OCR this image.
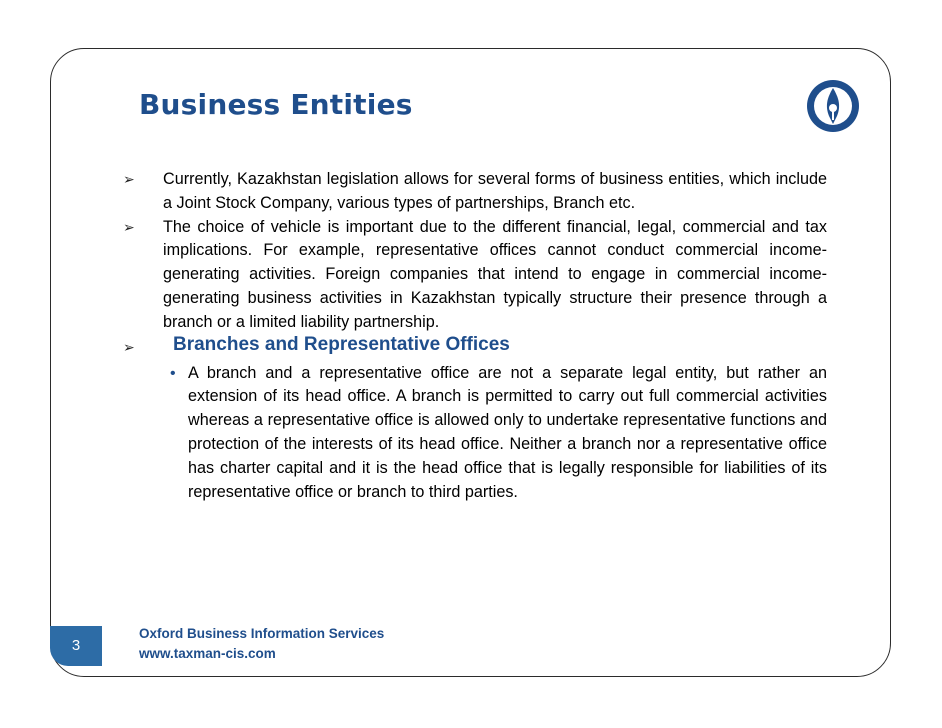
Business Entities
➢ Currently, Kazakhstan legislation allows for several forms of business entities, which include a Joint Stock Company, various types of partnerships, Branch etc.
➢ The choice of vehicle is important due to the different financial, legal, commercial and tax implications. For example, representative offices cannot conduct commercial income-generating activities. Foreign companies that intend to engage in commercial income-generating business activities in Kazakhstan typically structure their presence through a branch or a limited liability partnership.
➢ Branches and Representative Offices
• A branch and a representative office are not a separate legal entity, but rather an extension of its head office. A branch is permitted to carry out full commercial activities whereas a representative office is allowed only to undertake representative functions and protection of the interests of its head office. Neither a branch nor a representative office has charter capital and it is the head office that is legally responsible for liabilities of its representative office or branch to third parties.
3
Oxford Business Information Services
www.taxman-cis.com
